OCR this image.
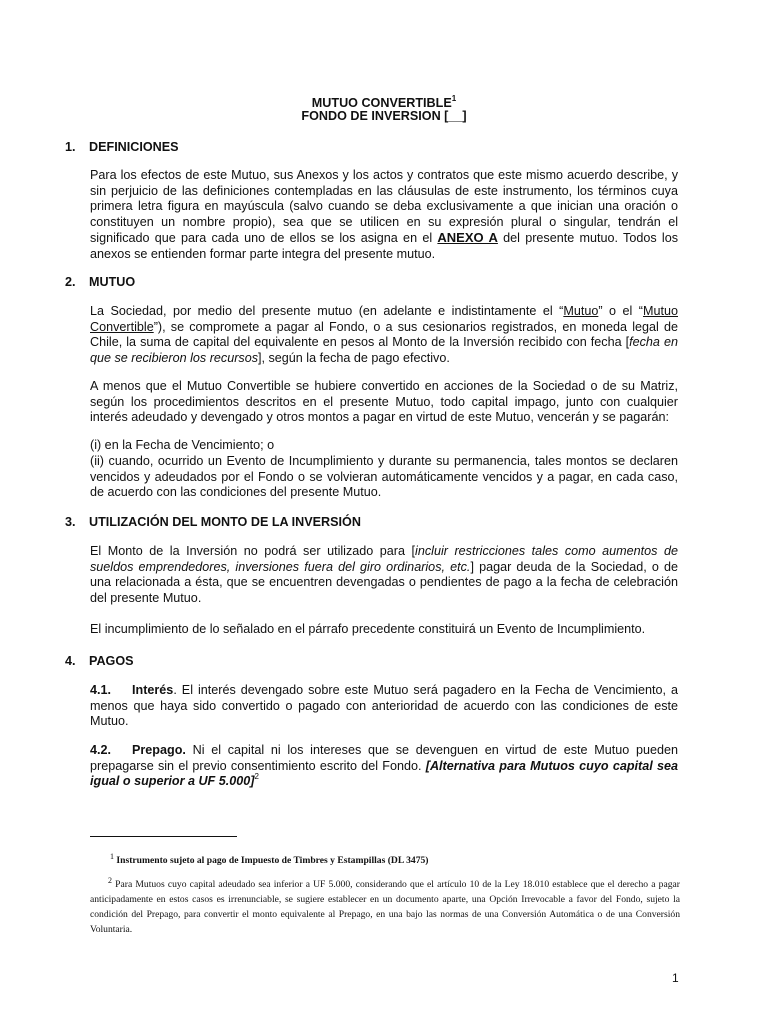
MUTUO CONVERTIBLE$^1$
FONDO DE INVERSION [__]
1. DEFINICIONES
Para los efectos de este Mutuo, sus Anexos y los actos y contratos que este mismo acuerdo describe, y sin perjuicio de las definiciones contempladas en las cláusulas de este instrumento, los términos cuya primera letra figura en mayúscula (salvo cuando se deba exclusivamente a que inician una oración o constituyen un nombre propio), sea que se utilicen en su expresión plural o singular, tendrán el significado que para cada uno de ellos se los asigna en el ANEXO A del presente mutuo. Todos los anexos se entienden formar parte integra del presente mutuo.
2. MUTUO
La Sociedad, por medio del presente mutuo (en adelante e indistintamente el “Mutuo” o el “Mutuo Convertible”), se compromete a pagar al Fondo, o a sus cesionarios registrados, en moneda legal de Chile, la suma de capital del equivalente en pesos al Monto de la Inversión recibido con fecha [fecha en que se recibieron los recursos], según la fecha de pago efectivo.
A menos que el Mutuo Convertible se hubiere convertido en acciones de la Sociedad o de su Matriz, según los procedimientos descritos en el presente Mutuo, todo capital impago, junto con cualquier interés adeudado y devengado y otros montos a pagar en virtud de este Mutuo, vencerán y se pagarán:
(i) en la Fecha de Vencimiento; o
(ii) cuando, ocurrido un Evento de Incumplimiento y durante su permanencia, tales montos se declaren vencidos y adeudados por el Fondo o se volvieran automáticamente vencidos y a pagar, en cada caso, de acuerdo con las condiciones del presente Mutuo.
3. UTILIZACIÓN DEL MONTO DE LA INVERSIÓN
El Monto de la Inversión no podrá ser utilizado para [incluir restricciones tales como aumentos de sueldos emprendedores, inversiones fuera del giro ordinarios, etc.] pagar deuda de la Sociedad, o de una relacionada a ésta, que se encuentren devengadas o pendientes de pago a la fecha de celebración del presente Mutuo.
El incumplimiento de lo señalado en el párrafo precedente constituirá un Evento de Incumplimiento.
4. PAGOS
4.1. Interés. El interés devengado sobre este Mutuo será pagadero en la Fecha de Vencimiento, a menos que haya sido convertido o pagado con anterioridad de acuerdo con las condiciones de este Mutuo.
4.2. Prepago. Ni el capital ni los intereses que se devenguen en virtud de este Mutuo pueden prepagarse sin el previo consentimiento escrito del Fondo. [Alternativa para Mutuos cuyo capital sea igual o superior a UF 5.000]$^2$
$^1$ Instrumento sujeto al pago de Impuesto de Timbres y Estampillas (DL 3475)
$^2$ Para Mutuos cuyo capital adeudado sea inferior a UF 5.000, considerando que el artículo 10 de la Ley 18.010 establece que el derecho a pagar anticipadamente en estos casos es irrenunciable, se sugiere establecer en un documento aparte, una Opción Irrevocable a favor del Fondo, sujeto la condición del Prepago, para convertir el monto equivalente al Prepago, en una bajo las normas de una Conversión Automática o de una Conversión Voluntaria.
1
